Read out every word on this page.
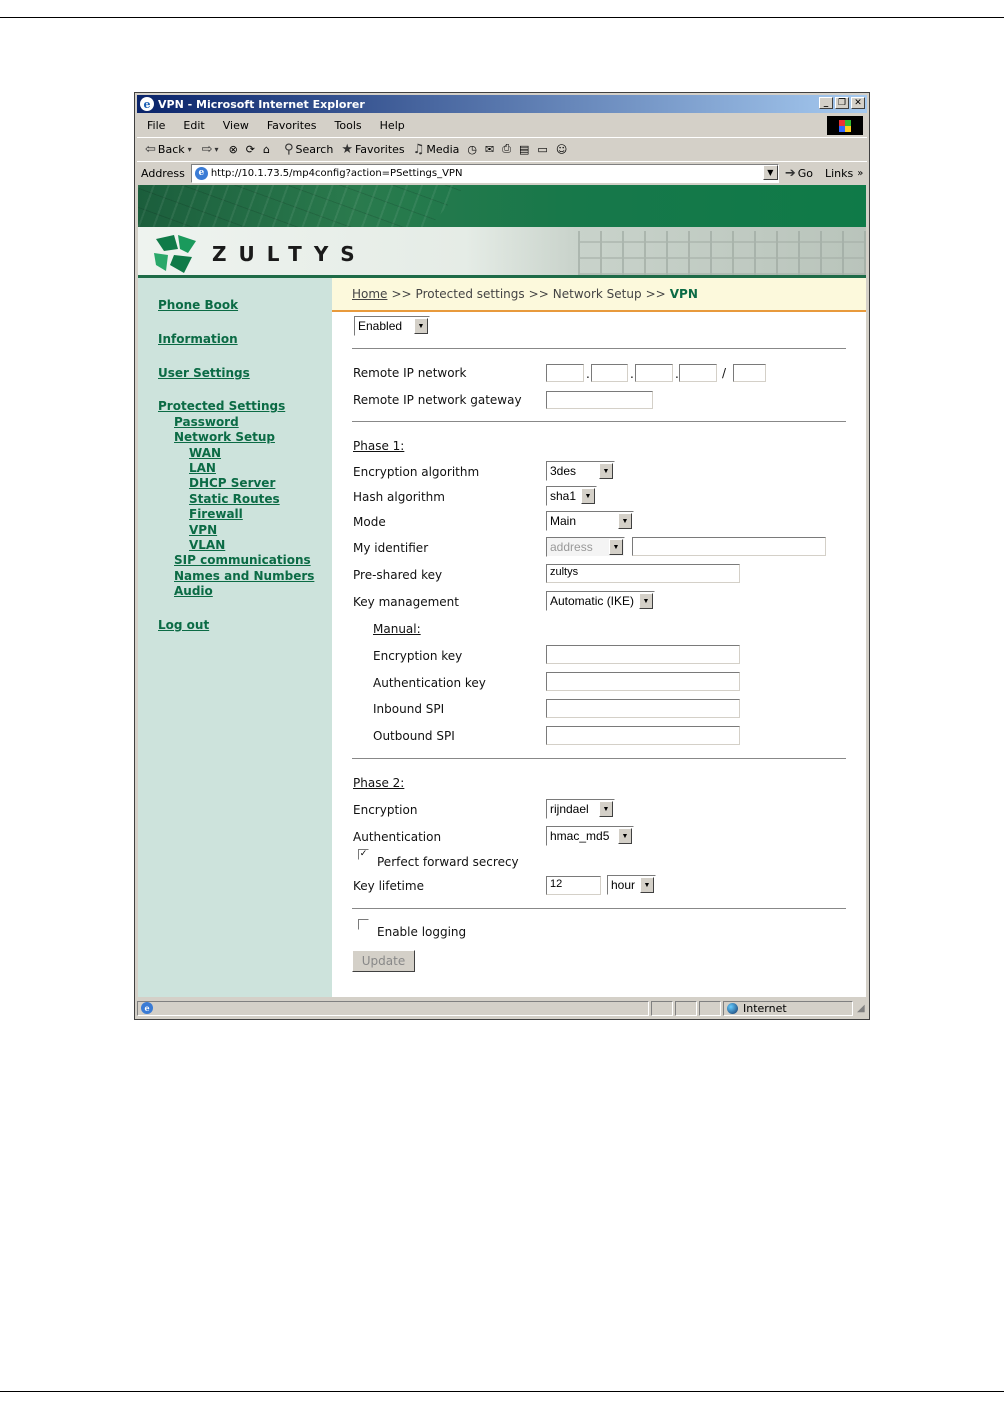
e VPN - Microsoft Internet Explorer	_	❐ ✕
File	Edit	View	Favorites	Tools	Help
⇦ Back ▾ ⇨ ▾ ⊗ ⟳ ⌂ ⚲ Search ★ Favorites ♫ Media ◷ ✉ ⎙ ▤ ▭ ☺
Address	e http://10.1.73.5/mp4config?action=PSettings_VPN	▼ ➔ Go Links »
ZULTYS
Phone Book
Information
User Settings
Protected Settings
Password
Network Setup
WAN
LAN
DHCP Server
Static Routes
Firewall
VPN
VLAN
SIP communications
Names and Numbers
Audio
Log out
Home >> Protected settings >> Network Setup >> VPN
Enabled	▼
Remote IP network	.	.	.	/
Remote IP network gateway
Phase 1:
Encryption algorithm	3des	▼
Hash algorithm	sha1	▼
Mode	Main	▼
My identifier	address	▼
Pre-shared key	zultys
Key management	Automatic (IKE)	▼
Manual:
Encryption key
Authentication key
Inbound SPI
Outbound SPI
Phase 2:
Encryption	rijndael	▼
Authentication	hmac_md5	▼
✓
Perfect forward secrecy
Key lifetime	12	hour	▼
Enable logging
Update
e	Internet	◢
